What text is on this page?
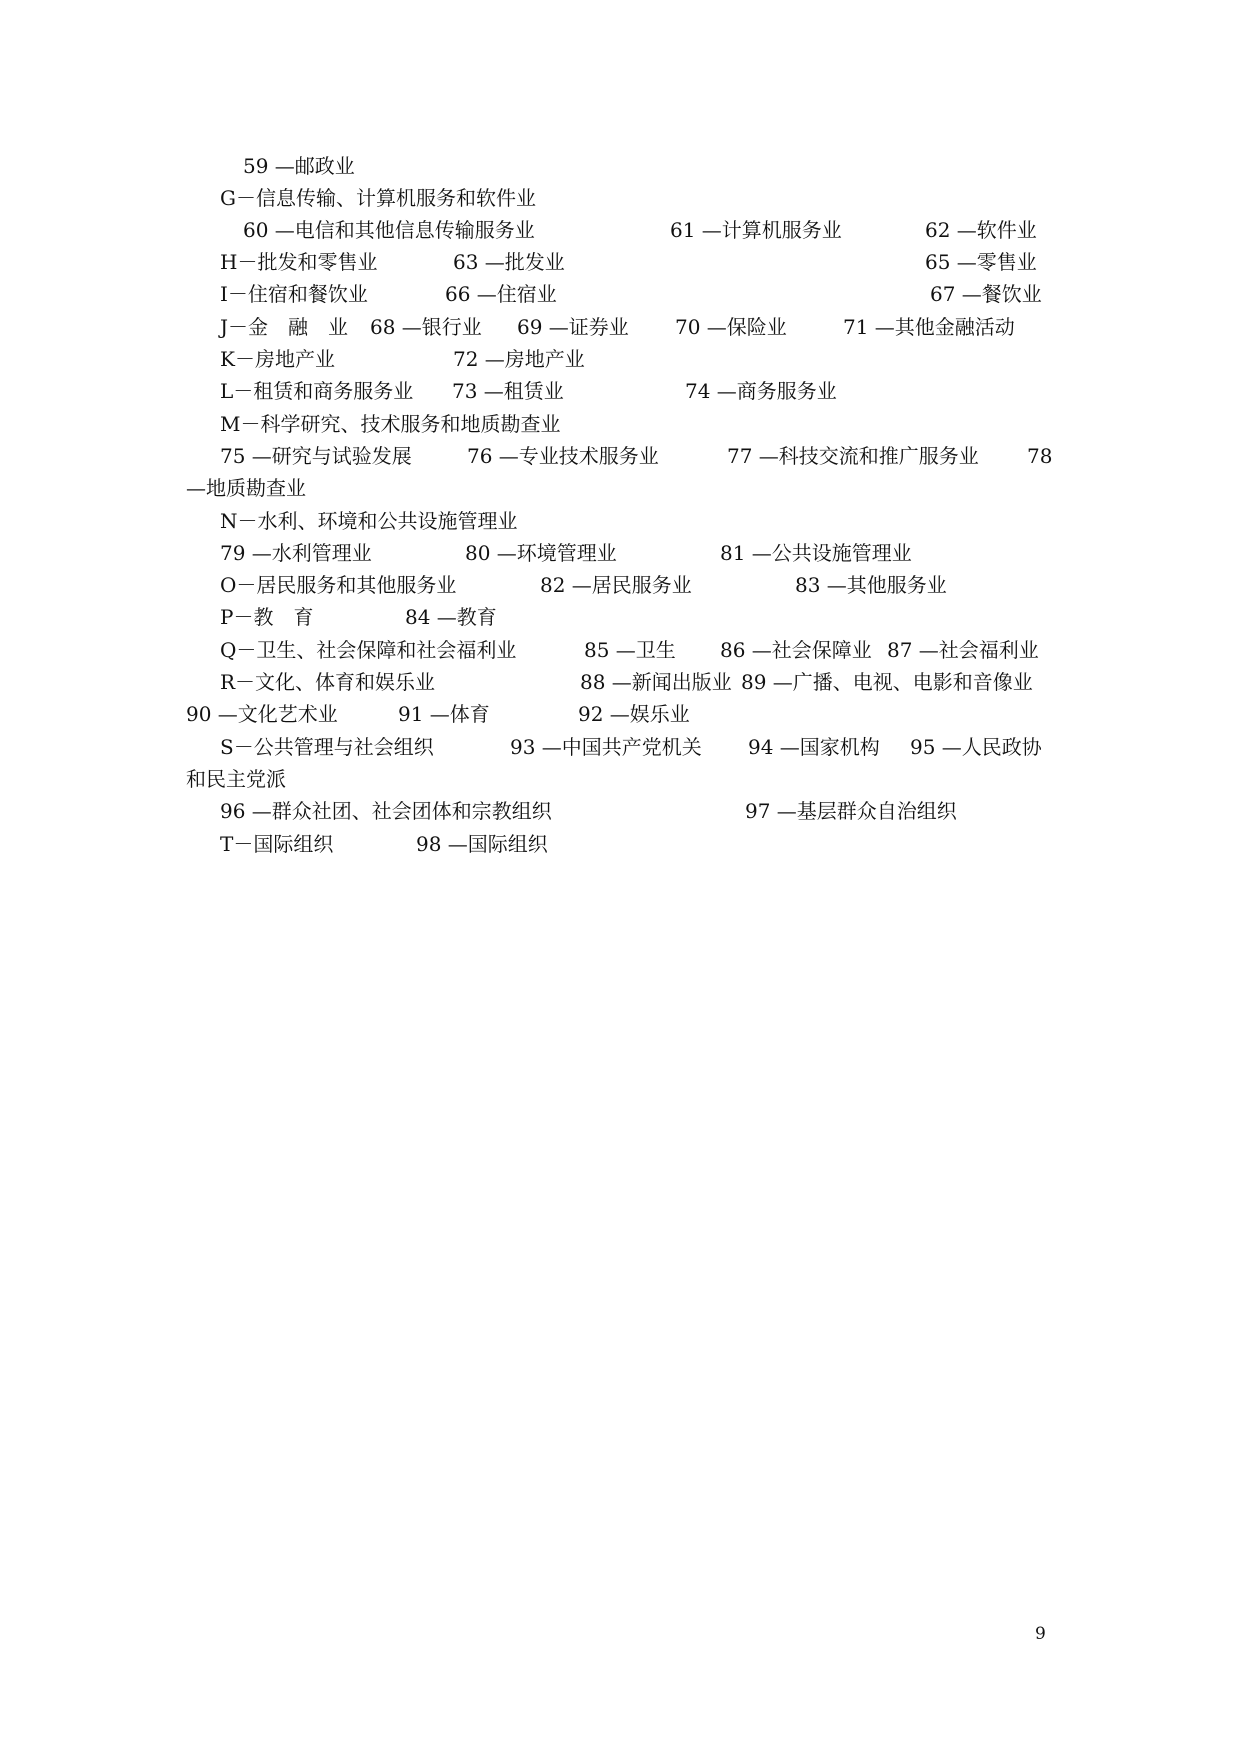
59 —邮政业
G－信息传输、计算机服务和软件业
60 —电信和其他信息传输服务业	61 —计算机服务业	62 —软件业
H－批发和零售业	63 —批发业	65 —零售业
I－住宿和餐饮业	66 —住宿业	67 —餐饮业
J－金　融　业 68 —银行业 69 —证券业 70 —保险业	71 —其他金融活动
K－房地产业	72 —房地产业
L－租赁和商务服务业 73 —租赁业	74 —商务服务业
M－科学研究、技术服务和地质勘查业
75 —研究与试验发展	76 —专业技术服务业	77 —科技交流和推广服务业 78
—地质勘查业
N－水利、环境和公共设施管理业
79 —水利管理业	80 —环境管理业	81 —公共设施管理业
O－居民服务和其他服务业	82 —居民服务业	83 —其他服务业
P－教　育	84 —教育
Q－卫生、社会保障和社会福利业	85 —卫生 86 —社会保障业 87 —社会福利业
R－文化、体育和娱乐业	88 —新闻出版业 89 —广播、电视、电影和音像业
90 —文化艺术业	91 —体育	92 —娱乐业
S－公共管理与社会组织	93 —中国共产党机关 94 —国家机构 95 —人民政协
和民主党派
96 —群众社团、社会团体和宗教组织	97 —基层群众自治组织
T－国际组织	98 —国际组织
9
